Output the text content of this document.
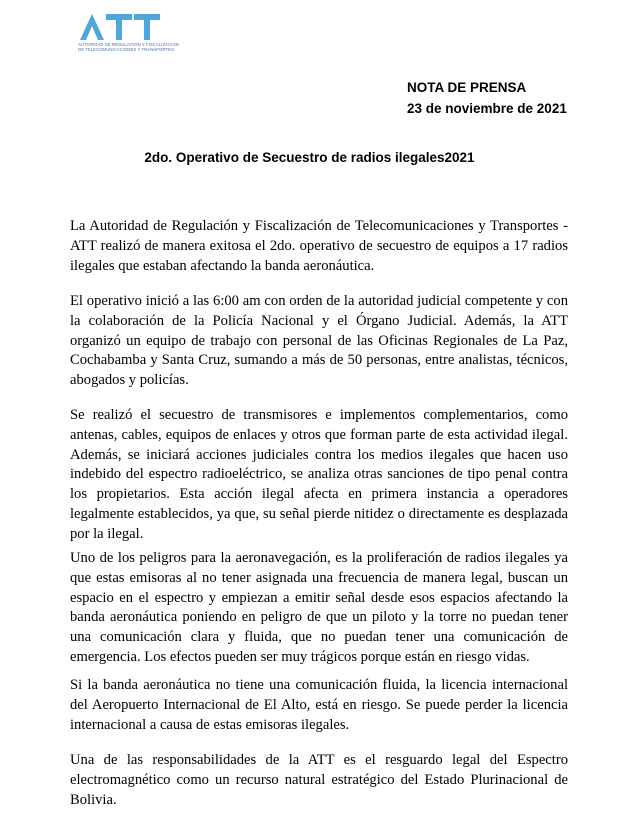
AUTORIDAD DE REGULACIÓN Y FISCALIZACIÓN
DE TELECOMUNICACIONES Y TRANSPORTES
NOTA DE PRENSA
23 de noviembre de 2021
2do. Operativo de Secuestro de radios ilegales2021

La Autoridad de Regulación y Fiscalización de Telecomunicaciones y Transportes -ATT realizó de manera exitosa el 2do. operativo de secuestro de equipos a 17 radios ilegales que estaban afectando la banda aeronáutica.

El operativo inició a las 6:00 am con orden de la autoridad judicial competente y con la colaboración de la Policía Nacional y el Órgano Judicial. Además, la ATT organizó un equipo de trabajo con personal de las Oficinas Regionales de La Paz, Cochabamba y Santa Cruz, sumando a más de 50 personas, entre analistas, técnicos, abogados y policías.

Se realizó el secuestro de transmisores e implementos complementarios, como antenas, cables, equipos de enlaces y otros que forman parte de esta actividad ilegal. Además, se iniciará acciones judiciales contra los medios ilegales que hacen uso indebido del espectro radioeléctrico, se analiza otras sanciones de tipo penal contra los propietarios. Esta acción ilegal afecta en primera instancia a operadores legalmente establecidos, ya que, su señal pierde nitidez o directamente es desplazada por la ilegal.

Uno de los peligros para la aeronavegación, es la proliferación de radios ilegales ya que estas emisoras al no tener asignada una frecuencia de manera legal, buscan un espacio en el espectro y empiezan a emitir señal desde esos espacios afectando la banda aeronáutica poniendo en peligro de que un piloto y la torre no puedan tener una comunicación clara y fluida, que no puedan tener una comunicación de emergencia. Los efectos pueden ser muy trágicos porque están en riesgo vidas.

Si la banda aeronáutica no tiene una comunicación fluida, la licencia internacional del Aeropuerto Internacional de El Alto, está en riesgo. Se puede perder la licencia internacional a causa de estas emisoras ilegales.

Una de las responsabilidades de la ATT es el resguardo legal del Espectro electromagnético como un recurso natural estratégico del Estado Plurinacional de Bolivia.
